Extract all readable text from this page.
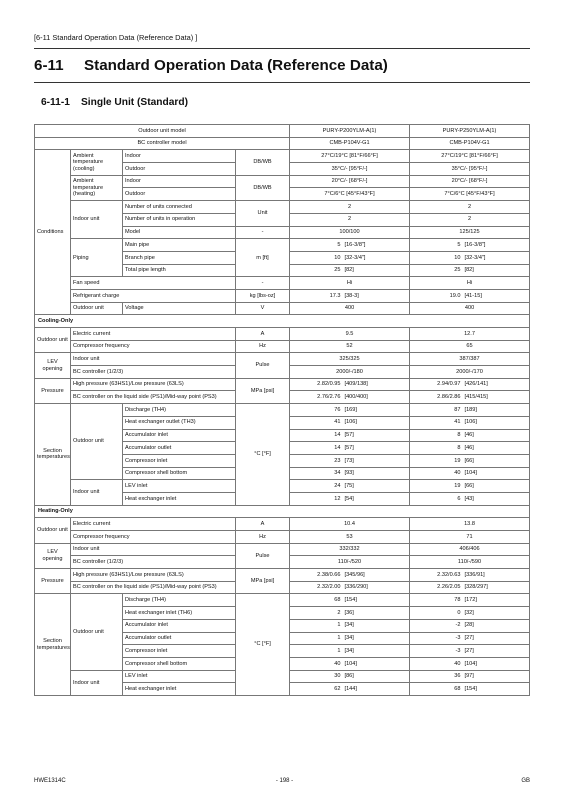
[6-11 Standard Operation Data (Reference Data) ]
6-11 Standard Operation Data (Reference Data)
6-11-1 Single Unit (Standard)
Outdoor unit model				PURY-P200YLM-A(1)	PURY-P250YLM-A(1)
BC controller model				CMB-P104V-G1	CMB-P104V-G1
Conditions	Ambient temperature (cooling)	Indoor	DB/WB	27°C/19°C [81°F/66°F]	27°C/19°C [81°F/66°F]
		Outdoor		35°C/- [95°F/-]	35°C/- [95°F/-]
	Ambient temperature (heating)	Indoor	DB/WB	20°C/- [68°F/-]	20°C/- [68°F/-]
		Outdoor		7°C/6°C [45°F/43°F]	7°C/6°C [45°F/43°F]
	Indoor unit	Number of units connected	Unit	2	2
		Number of units in operation		2	2
		Model	-	100/100	125/125
	Piping	Main pipe	m [ft]	5 [16-3/8"]	5 [16-3/8"]
		Branch pipe		10 [32-3/4"]	10 [32-3/4"]
		Total pipe length		25 [82]	25 [82]
	Fan speed		-	Hi	Hi
	Refrigerant charge		kg [lbs-oz]	17.3 [38-3]	19.0 [41-15]
	Outdoor unit	Voltage	V	400	400
Cooling-Only					
Outdoor unit	Electric current		A	9.5	12.7
	Compressor frequency		Hz	52	65
LEV opening	Indoor unit		Pulse	325/325	387/387
	BC controller (1/2/3)			2000/-/180	2000/-/170
Pressure	High pressure (63HS1)/Low pressure (63LS)		MPa [psi]	2.82/0.95 [409/138]	2.94/0.97 [426/141]
	BC controller on the liquid side (PS1)/Mid-way point (PS3)			2.76/2.76 [400/400]	2.86/2.86 [415/415]
Section temperatures	Outdoor unit	Discharge (TH4)	°C [°F]	76 [169]	87 [189]
		Heat exchanger outlet (TH3)		41 [106]	41 [106]
		Accumulator inlet		14 [57]	8 [46]
		Accumulator outlet		14 [57]	8 [46]
		Compressor inlet		23 [73]	19 [66]
		Compressor shell bottom		34 [93]	40 [104]
	Indoor unit	LEV inlet		24 [75]	19 [66]
		Heat exchanger inlet		12 [54]	6 [43]
Heating-Only					
Outdoor unit	Electric current		A	10.4	13.8
	Compressor frequency		Hz	53	71
LEV opening	Indoor unit		Pulse	332/332	406/406
	BC controller (1/2/3)			110/-/520	110/-/590
Pressure	High pressure (63HS1)/Low pressure (63LS)		MPa [psi]	2.38/0.66 [345/96]	2.32/0.63 [336/91]
	BC controller on the liquid side (PS1)/Mid-way point (PS3)			2.32/2.00 [336/290]	2.26/2.05 [328/297]
Section temperatures	Outdoor unit	Discharge (TH4)	°C [°F]	68 [154]	78 [172]
		Heat exchanger inlet (TH6)		2 [36]	0 [32]
		Accumulator inlet		1 [34]	-2 [28]
		Accumulator outlet		1 [34]	-3 [27]
		Compressor inlet		1 [34]	-3 [27]
		Compressor shell bottom		40 [104]	40 [104]
	Indoor unit	LEV inlet		30 [86]	36 [97]
		Heat exchanger inlet		62 [144]	68 [154]
HWE1314C	- 198 -	GB
